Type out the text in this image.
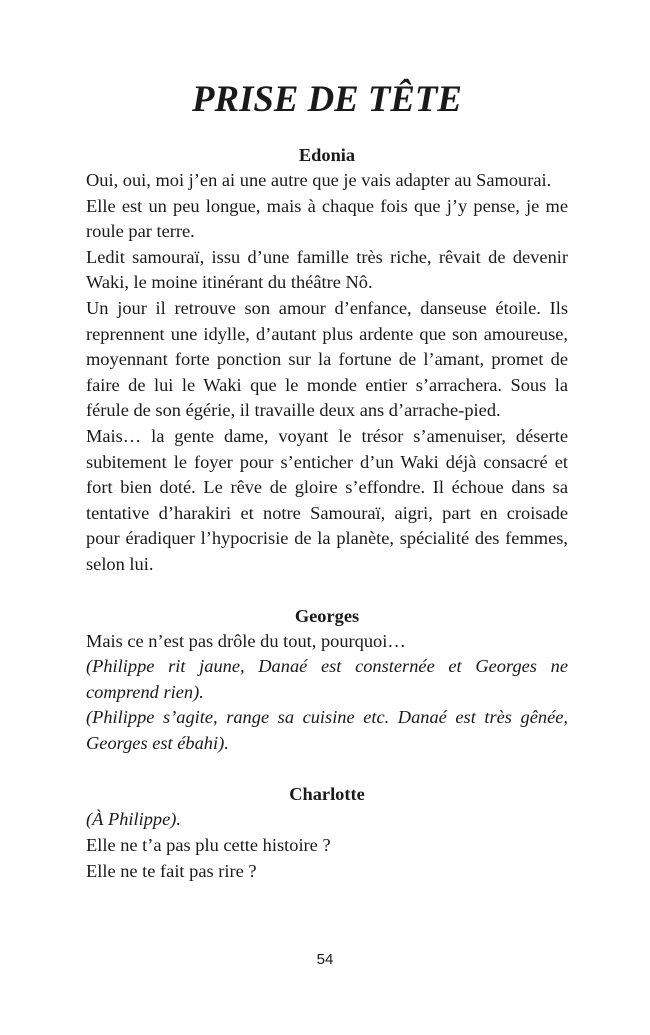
PRISE DE TÊTE
Edonia

Oui, oui, moi j’en ai une autre que je vais adapter au Samourai.

Elle est un peu longue, mais à chaque fois que j’y pense, je me roule par terre.

Ledit samouraï, issu d’une famille très riche, rêvait de devenir Waki, le moine itinérant du théâtre Nô.

Un jour il retrouve son amour d’enfance, danseuse étoile. Ils reprennent une idylle, d’autant plus ardente que son amoureuse, moyennant forte ponction sur la fortune de l’amant, promet de faire de lui le Waki que le monde entier s’arrachera. Sous la férule de son égérie, il travaille deux ans d’arrache-pied.

Mais… la gente dame, voyant le trésor s’amenuiser, déserte subitement le foyer pour s’enticher d’un Waki déjà consacré et fort bien doté. Le rêve de gloire s’effondre. Il échoue dans sa tentative d’harakiri et notre Samouraï, aigri, part en croisade pour éradiquer l’hypocrisie de la planète, spécialité des femmes, selon lui.

Georges

Mais ce n’est pas drôle du tout, pourquoi…

(Philippe rit jaune, Danaé est consternée et Georges ne comprend rien).

(Philippe s’agite, range sa cuisine etc. Danaé est très gênée, Georges est ébahi).

Charlotte

(À Philippe).

Elle ne t’a pas plu cette histoire ?

Elle ne te fait pas rire ?

54
